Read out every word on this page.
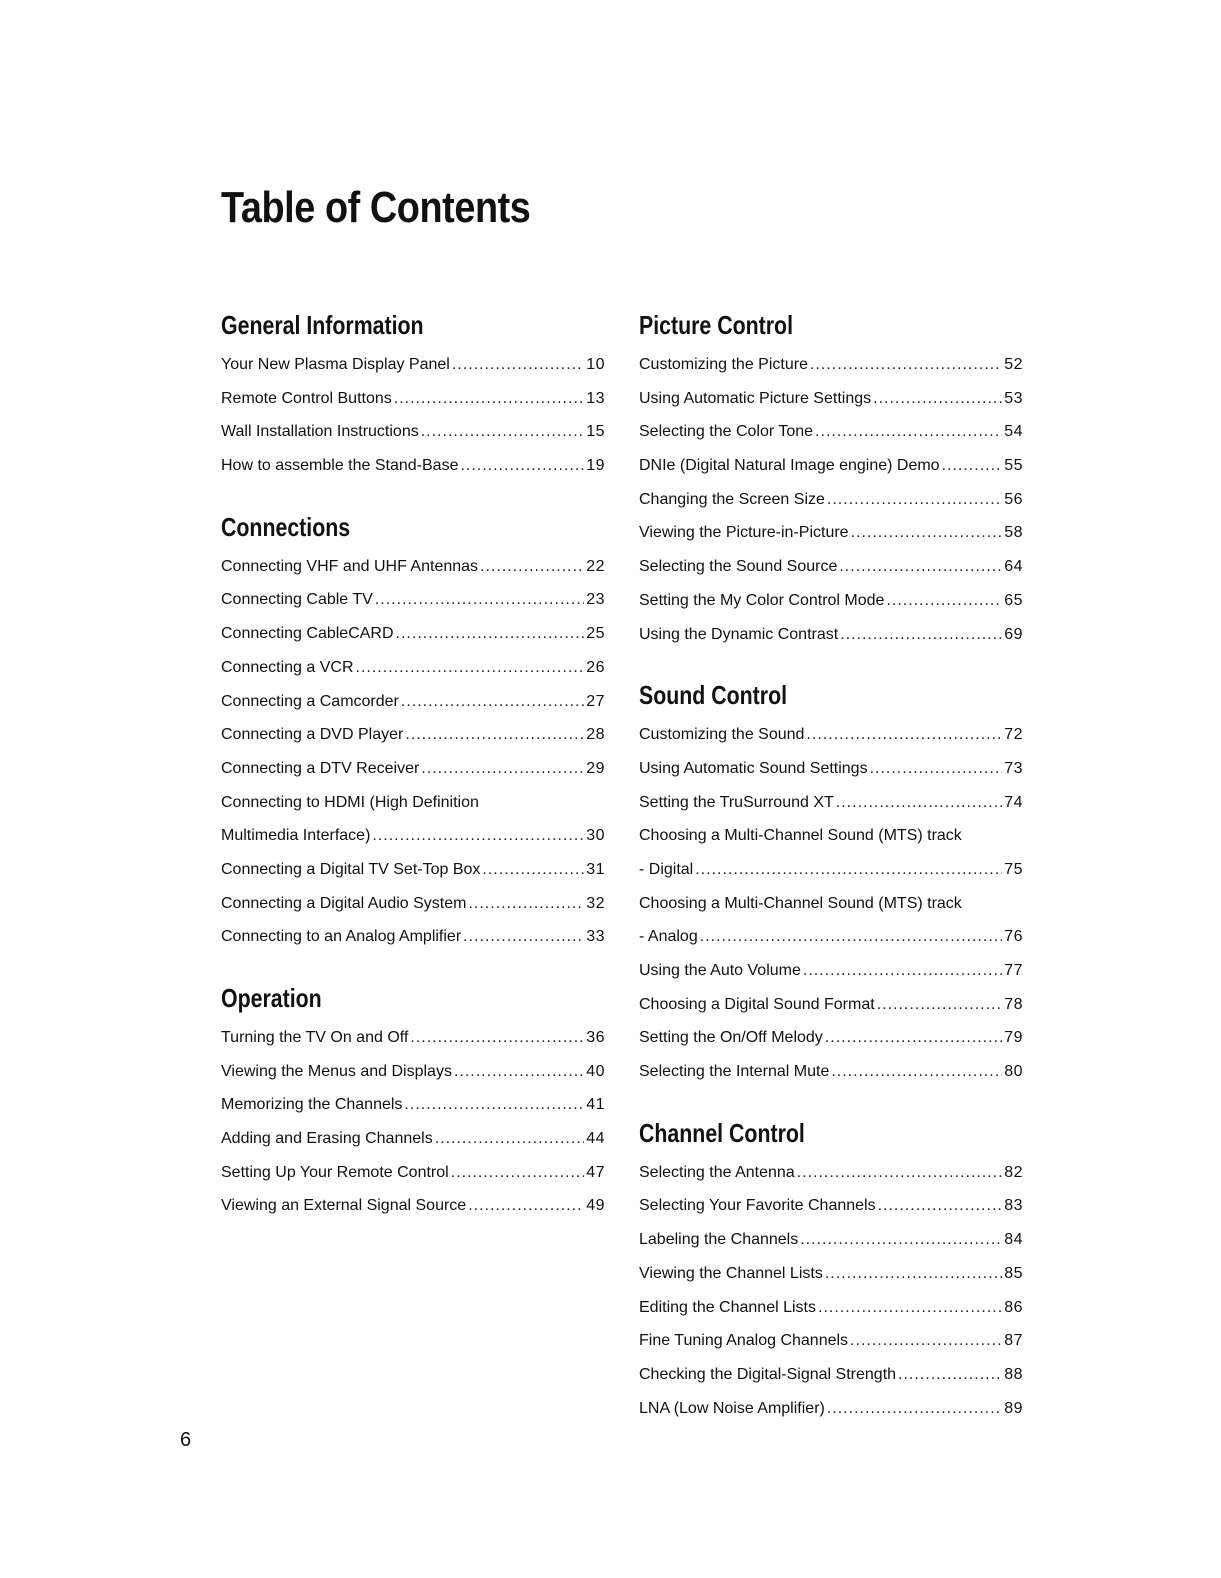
Table of Contents
General Information
Your New Plasma Display Panel .....	10
Remote Control Buttons .....	13
Wall Installation Instructions .....	15
How to assemble the Stand-Base .....	19
Connections
Connecting VHF and UHF Antennas .....	22
Connecting Cable TV .....	23
Connecting CableCARD .....	25
Connecting a VCR .....	26
Connecting a Camcorder .....	27
Connecting a DVD Player .....	28
Connecting a DTV Receiver .....	29
Connecting to HDMI (High Definition
Multimedia Interface) .....	30
Connecting a Digital TV Set-Top Box .....	31
Connecting a Digital Audio System .....	32
Connecting to an Analog Amplifier .....	33
Operation
Turning the TV On and Off .....	36
Viewing the Menus and Displays .....	40
Memorizing the Channels .....	41
Adding and Erasing Channels .....	44
Setting Up Your Remote Control .....	47
Viewing an External Signal Source .....	49
Picture Control
Customizing the Picture .....	52
Using Automatic Picture Settings .....	53
Selecting the Color Tone .....	54
DNIe (Digital Natural Image engine) Demo .....	55
Changing the Screen Size .....	56
Viewing the Picture-in-Picture .....	58
Selecting the Sound Source .....	64
Setting the My Color Control Mode .....	65
Using the Dynamic Contrast .....	69
Sound Control
Customizing the Sound .....	72
Using Automatic Sound Settings .....	73
Setting the TruSurround XT .....	74
Choosing a Multi-Channel Sound (MTS) track
- Digital .....	75
Choosing a Multi-Channel Sound (MTS) track
- Analog .....	76
Using the Auto Volume .....	77
Choosing a Digital Sound Format .....	78
Setting the On/Off Melody .....	79
Selecting the Internal Mute .....	80
Channel Control
Selecting the Antenna .....	82
Selecting Your Favorite Channels .....	83
Labeling the Channels .....	84
Viewing the Channel Lists .....	85
Editing the Channel Lists .....	86
Fine Tuning Analog Channels .....	87
Checking the Digital-Signal Strength .....	88
LNA (Low Noise Amplifier) .....	89
6
